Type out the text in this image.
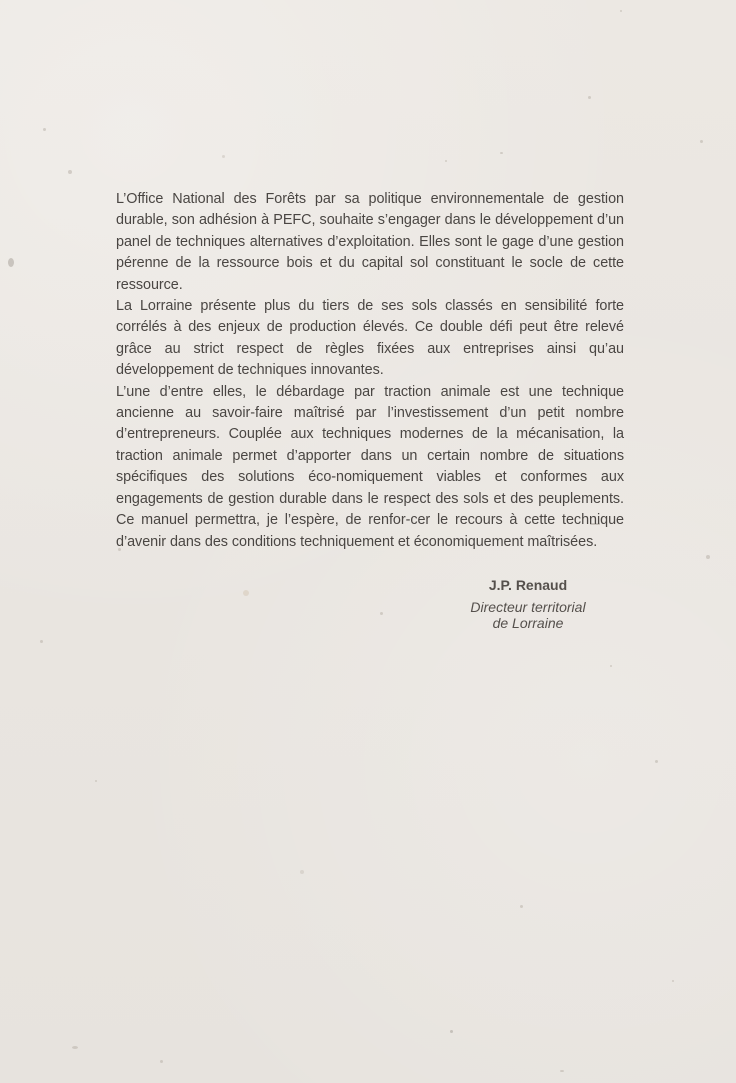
L’Office National des Forêts par sa politique environnementale de gestion durable, son adhésion à PEFC, souhaite s’engager dans le développement d’un panel de techniques alternatives d’exploitation. Elles sont le gage d’une gestion pérenne de la ressource bois et du capital sol constituant le socle de cette ressource.

La Lorraine présente plus du tiers de ses sols classés en sensibilité forte corrélés à des enjeux de production élevés. Ce double défi peut être relevé grâce au strict respect de règles fixées aux entreprises ainsi qu’au développement de techniques innovantes.

L’une d’entre elles, le débardage par traction animale est une technique ancienne au savoir-faire maîtrisé par l’investissement d’un petit nombre d’entrepreneurs. Couplée aux techniques modernes de la mécanisation, la traction animale permet d’apporter dans un certain nombre de situations spécifiques des solutions éco-nomiquement viables et conformes aux engagements de gestion durable dans le respect des sols et des peuplements. Ce manuel permettra, je l’espère, de renfor-cer le recours à cette technique d’avenir dans des conditions techniquement et économiquement maîtrisées.

J.P. Renaud
Directeur territorial
de Lorraine
